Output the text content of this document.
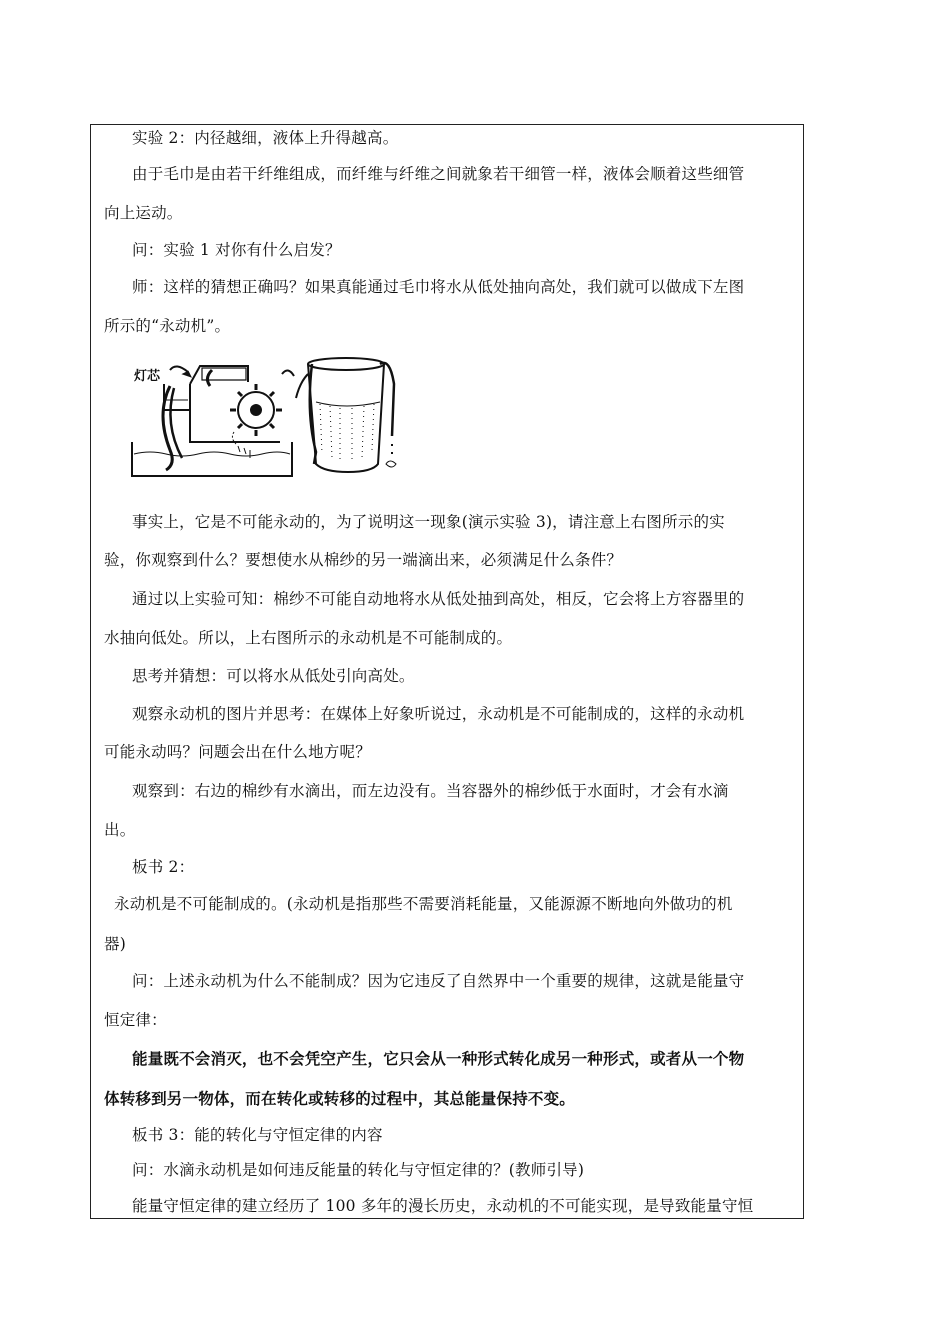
实验 2：内径越细，液体上升得越高。
由于毛巾是由若干纤维组成，而纤维与纤维之间就象若干细管一样，液体会顺着这些细管
向上运动。
问：实验 1 对你有什么启发？
师：这样的猜想正确吗？如果真能通过毛巾将水从低处抽向高处，我们就可以做成下左图
所示的“永动机”。
灯芯
事实上，它是不可能永动的，为了说明这一现象(演示实验 3)，请注意上右图所示的实
验，你观察到什么？要想使水从棉纱的另一端滴出来，必须满足什么条件？
通过以上实验可知：棉纱不可能自动地将水从低处抽到高处，相反，它会将上方容器里的
水抽向低处。所以，上右图所示的永动机是不可能制成的。
思考并猜想：可以将水从低处引向高处。
观察永动机的图片并思考：在媒体上好象听说过，永动机是不可能制成的，这样的永动机
可能永动吗？问题会出在什么地方呢？
观察到：右边的棉纱有水滴出，而左边没有。当容器外的棉纱低于水面时，才会有水滴
出。
板书 2：
永动机是不可能制成的。(永动机是指那些不需要消耗能量，又能源源不断地向外做功的机
器)
问：上述永动机为什么不能制成？因为它违反了自然界中一个重要的规律，这就是能量守
恒定律：
能量既不会消灭，也不会凭空产生，它只会从一种形式转化成另一种形式，或者从一个物
体转移到另一物体，而在转化或转移的过程中，其总能量保持不变。
板书 3：能的转化与守恒定律的内容
问：水滴永动机是如何违反能量的转化与守恒定律的？(教师引导)
能量守恒定律的建立经历了 100 多年的漫长历史，永动机的不可能实现，是导致能量守恒
